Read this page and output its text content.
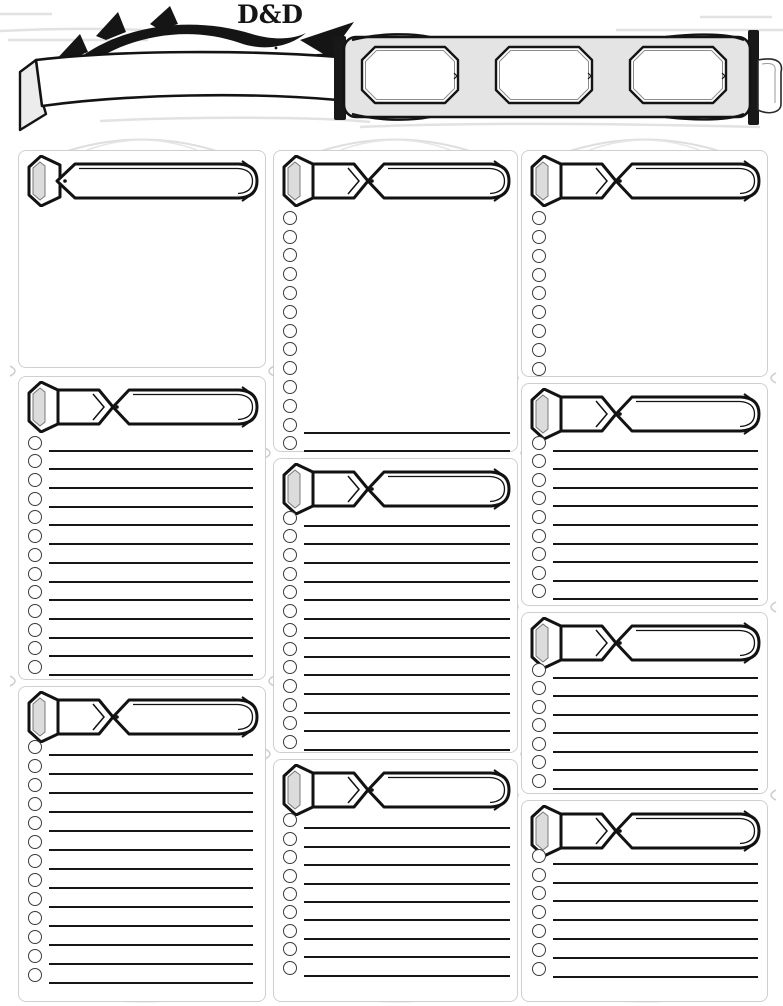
D&D
